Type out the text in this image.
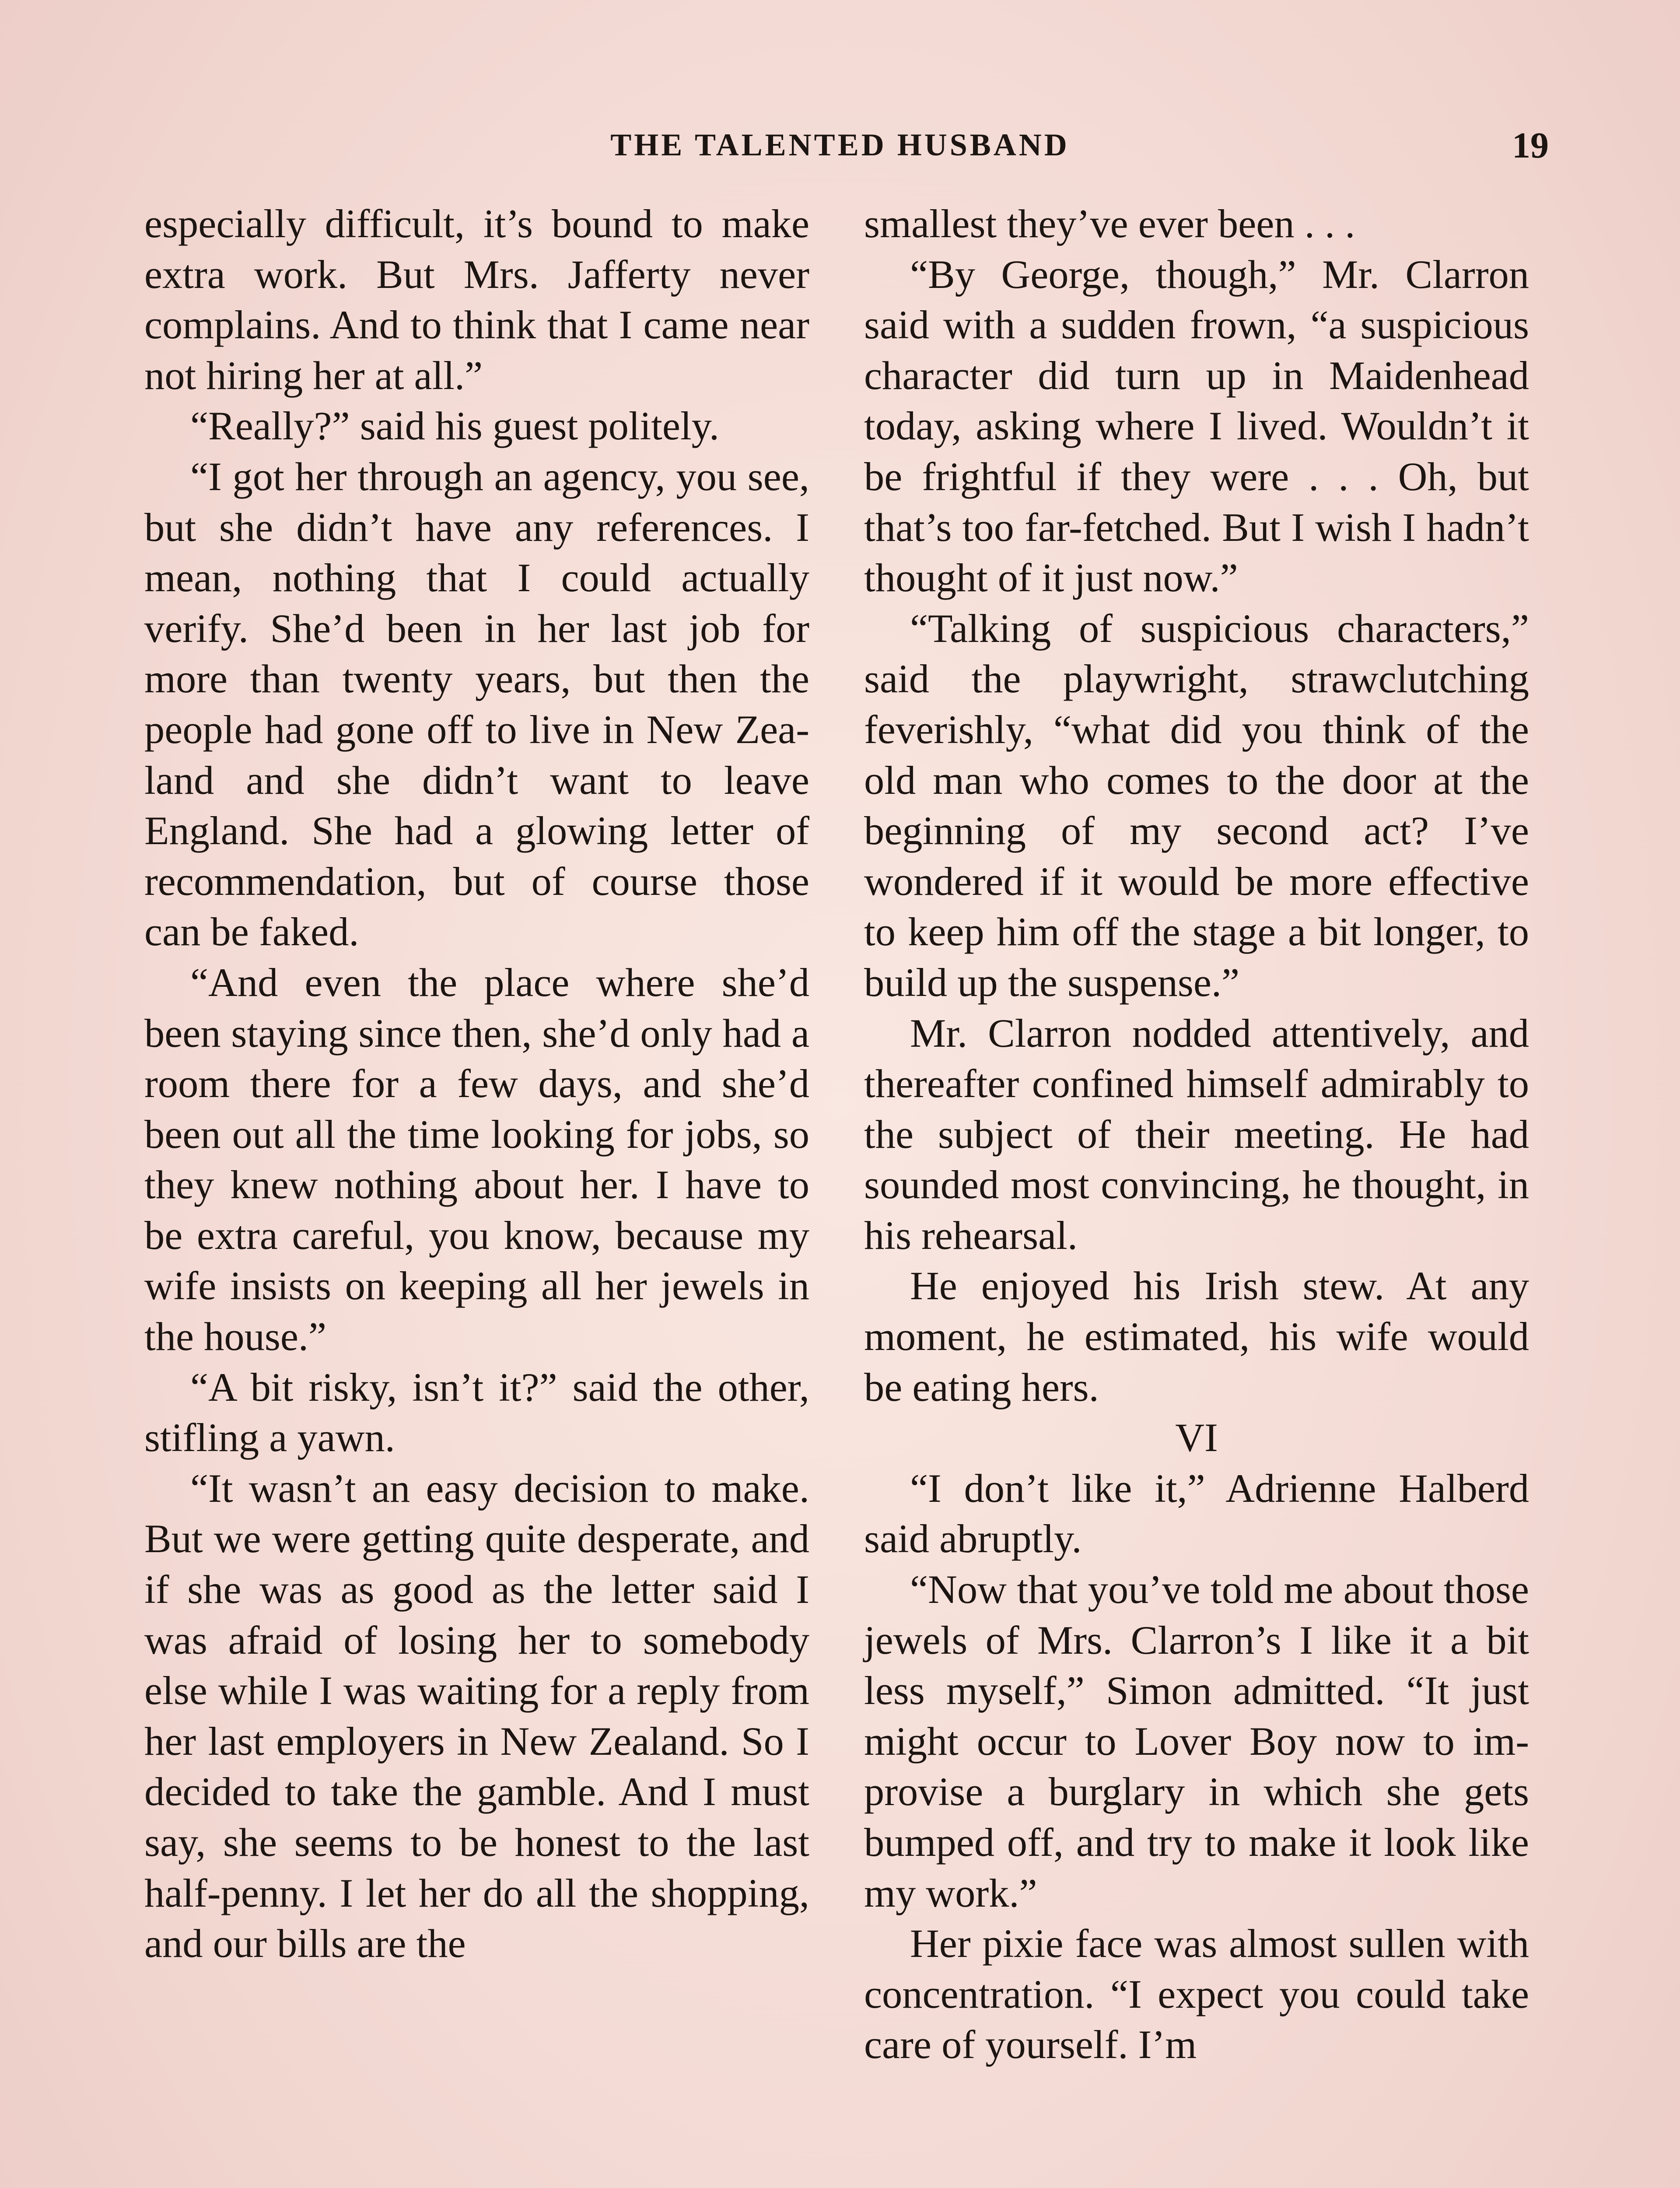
THE TALENTED HUSBAND	19

especially difficult, it’s bound to make extra work. But Mrs. Jafferty never complains. And to think that I came near not hiring her at all.”

“Really?” said his guest politely.

“I got her through an agency, you see, but she didn’t have any references. I mean, nothing that I could actually verify. She’d been in her last job for more than twenty years, but then the people had gone off to live in New Zealand and she didn’t want to leave England. She had a glowing letter of recommendation, but of course those can be faked.

“And even the place where she’d been staying since then, she’d only had a room there for a few days, and she’d been out all the time looking for jobs, so they knew nothing about her. I have to be extra careful, you know, because my wife insists on keeping all her jewels in the house.”

“A bit risky, isn’t it?” said the other, stifling a yawn.

“It wasn’t an easy decision to make. But we were getting quite desperate, and if she was as good as the letter said I was afraid of losing her to somebody else while I was waiting for a reply from her last employers in New Zealand. So I decided to take the gamble. And I must say, she seems to be honest to the last half-penny. I let her do all the shopping, and our bills are the

smallest they’ve ever been . . .

“By George, though,” Mr. Clarron said with a sudden frown, “a suspicious character did turn up in Maidenhead today, asking where I lived. Wouldn’t it be frightful if they were . . . Oh, but that’s too far-fetched. But I wish I hadn’t thought of it just now.”

“Talking of suspicious characters,” said the playwright, strawclutching feverishly, “what did you think of the old man who comes to the door at the beginning of my second act? I’ve wondered if it would be more effective to keep him off the stage a bit longer, to build up the suspense.”

Mr. Clarron nodded attentively, and thereafter confined himself admirably to the subject of their meeting. He had sounded most convincing, he thought, in his rehearsal.

He enjoyed his Irish stew. At any moment, he estimated, his wife would be eating hers.

VI

“I don’t like it,” Adrienne Halberd said abruptly.

“Now that you’ve told me about those jewels of Mrs. Clarron’s I like it a bit less myself,” Simon admitted. “It just might occur to Lover Boy now to improvise a burglary in which she gets bumped off, and try to make it look like my work.”

Her pixie face was almost sullen with concentration. “I expect you could take care of yourself. I’m
